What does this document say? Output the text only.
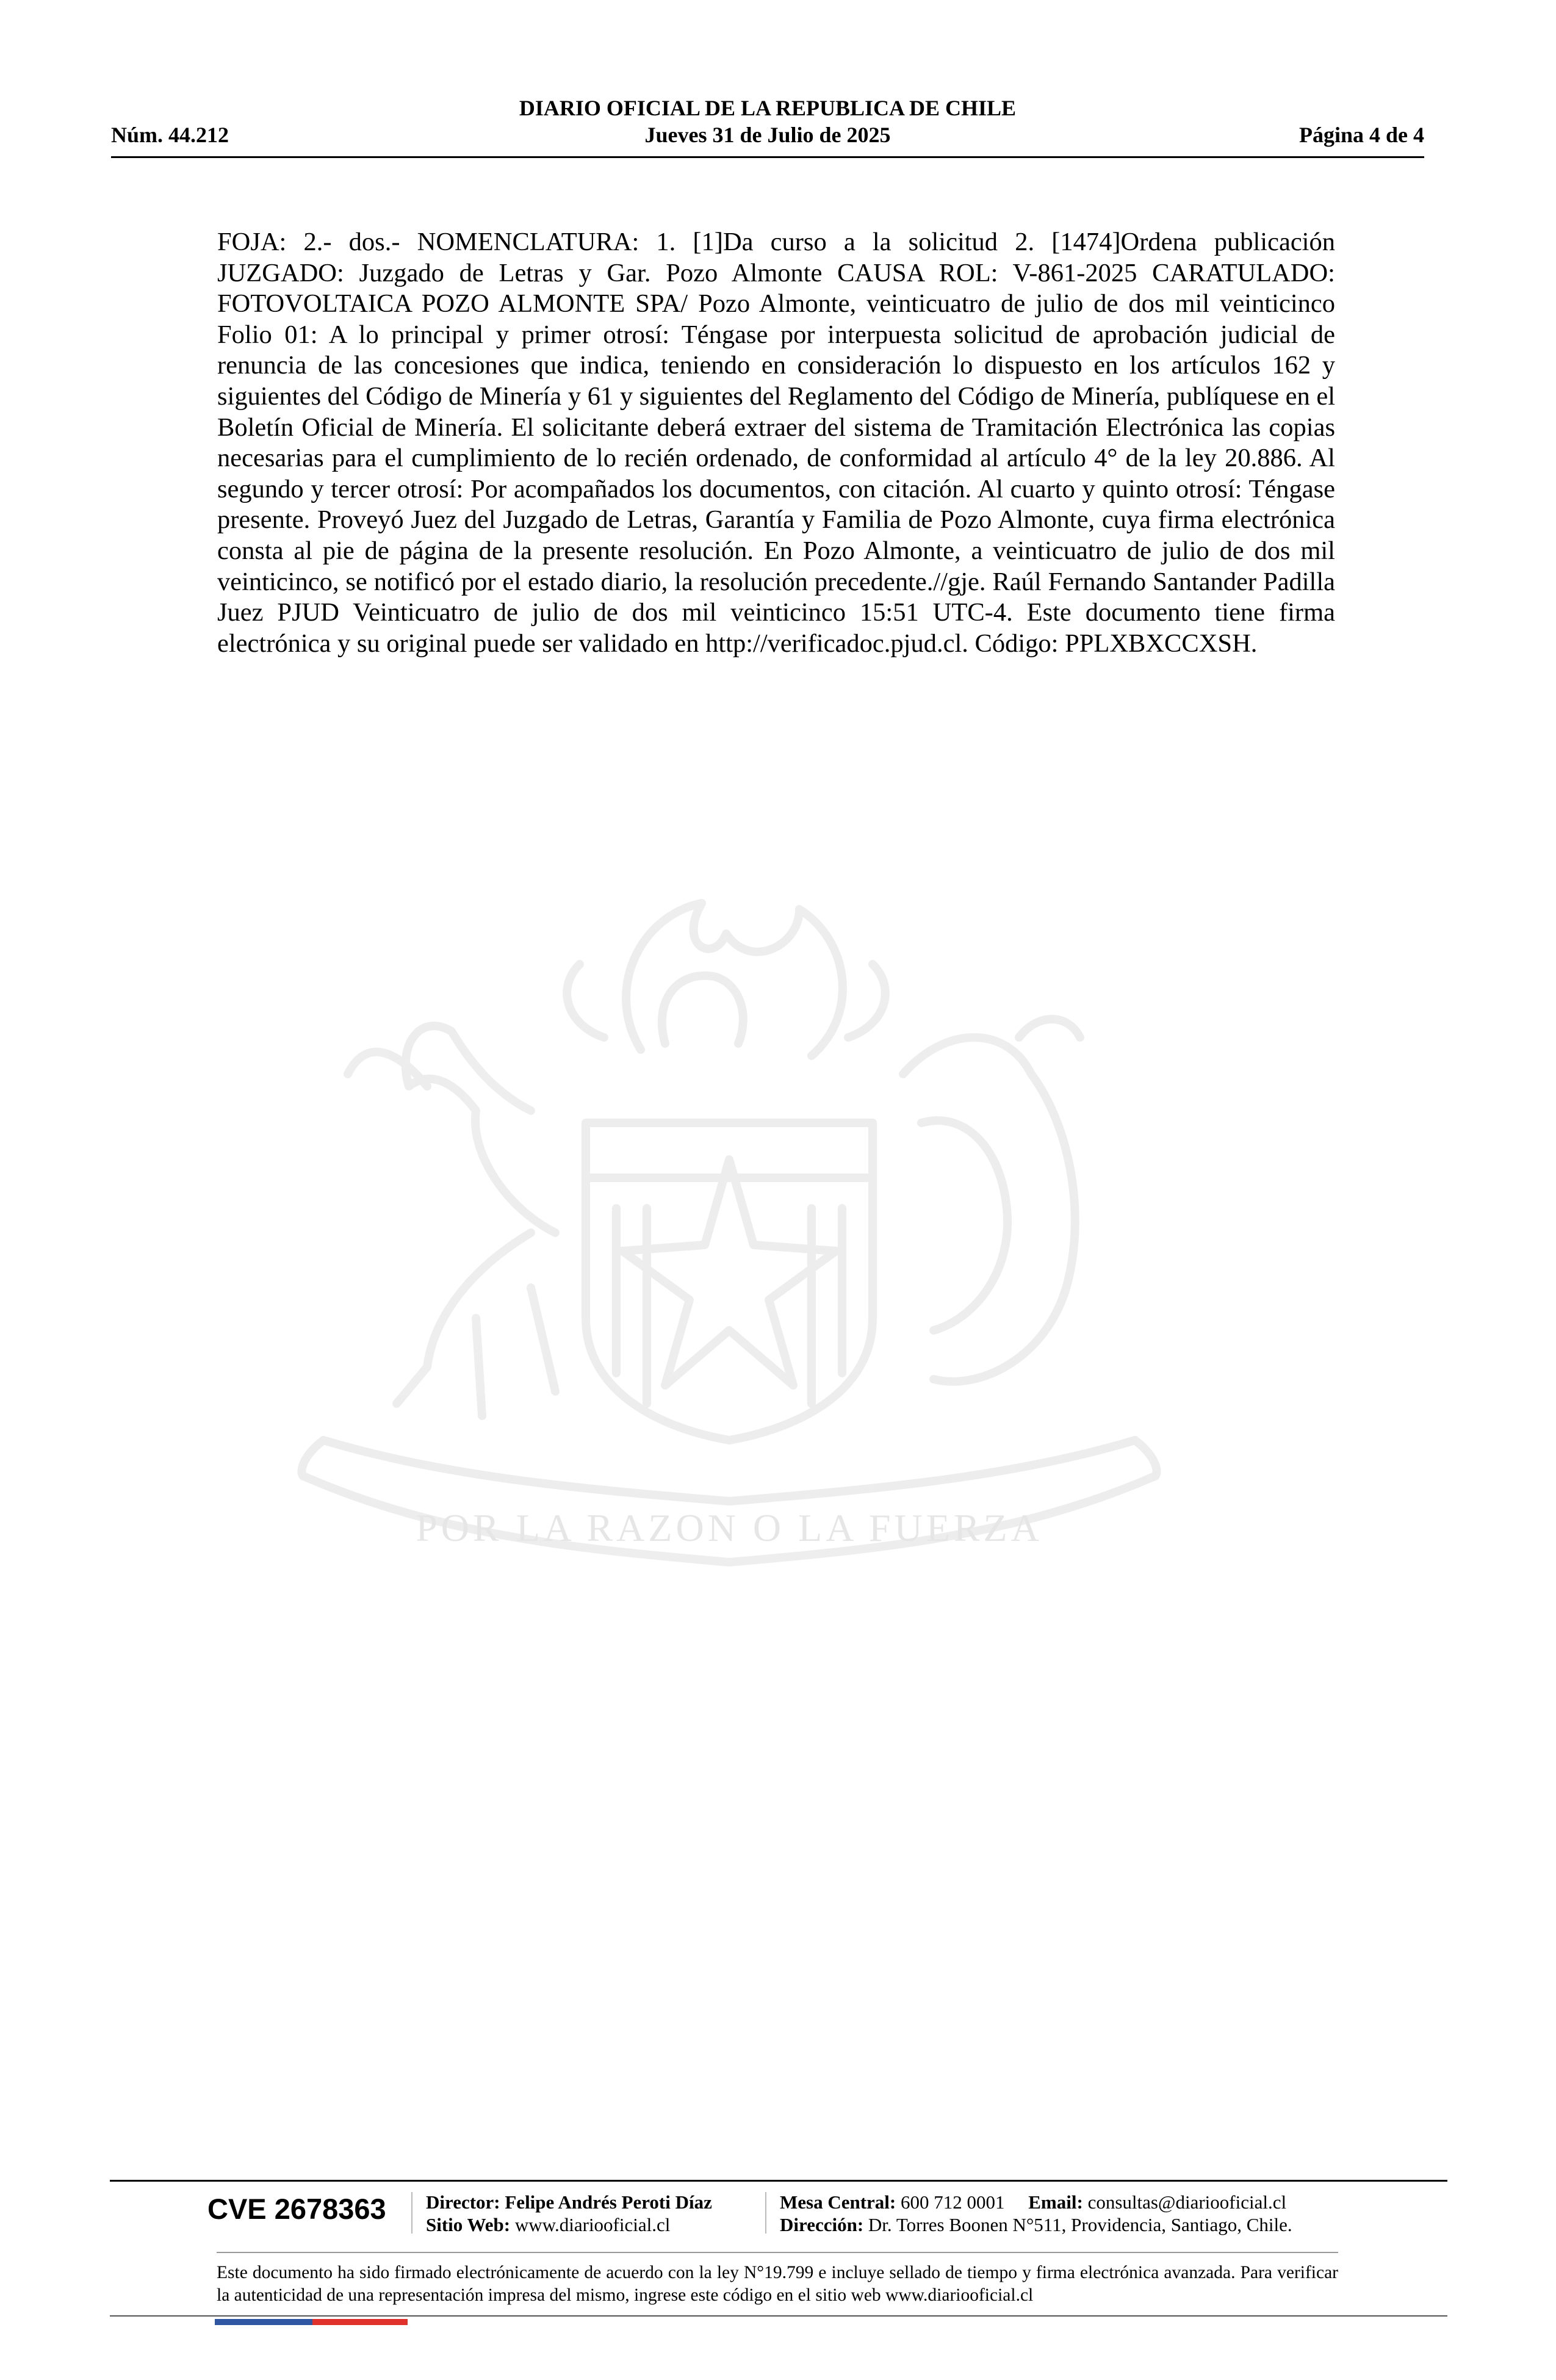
DIARIO OFICIAL DE LA REPUBLICA DE CHILE
Núm. 44.212	Jueves 31 de Julio de 2025	Página 4 de 4

FOJA: 2.- dos.- NOMENCLATURA: 1. [1]Da curso a la solicitud 2. [1474]Ordena publicación JUZGADO: Juzgado de Letras y Gar. Pozo Almonte CAUSA ROL: V-861-2025 CARATULADO: FOTOVOLTAICA POZO ALMONTE SPA/ Pozo Almonte, veinticuatro de julio de dos mil veinticinco Folio 01: A lo principal y primer otrosí: Téngase por interpuesta solicitud de aprobación judicial de renuncia de las concesiones que indica, teniendo en consideración lo dispuesto en los artículos 162 y siguientes del Código de Minería y 61 y siguientes del Reglamento del Código de Minería, publíquese en el Boletín Oficial de Minería. El solicitante deberá extraer del sistema de Tramitación Electrónica las copias necesarias para el cumplimiento de lo recién ordenado, de conformidad al artículo 4° de la ley 20.886. Al segundo y tercer otrosí: Por acompañados los documentos, con citación. Al cuarto y quinto otrosí: Téngase presente. Proveyó Juez del Juzgado de Letras, Garantía y Familia de Pozo Almonte, cuya firma electrónica consta al pie de página de la presente resolución. En Pozo Almonte, a veinticuatro de julio de dos mil veinticinco, se notificó por el estado diario, la resolución precedente.//gje. Raúl Fernando Santander Padilla Juez PJUD Veinticuatro de julio de dos mil veinticinco 15:51 UTC-4. Este documento tiene firma electrónica y su original puede ser validado en http://verificadoc.pjud.cl. Código: PPLXBXCCXSH.

POR LA RAZON O LA FUERZA
CVE 2678363 Director: Felipe Andrés Peroti Díaz
Sitio Web: www.diariooficial.cl
Mesa Central: 600 712 0001 Email: consultas@diariooficial.cl
Dirección: Dr. Torres Boonen N°511, Providencia, Santiago, Chile.

Este documento ha sido firmado electrónicamente de acuerdo con la ley N°19.799 e incluye sellado de tiempo y firma electrónica avanzada. Para verificar la autenticidad de una representación impresa del mismo, ingrese este código en el sitio web www.diariooficial.cl
